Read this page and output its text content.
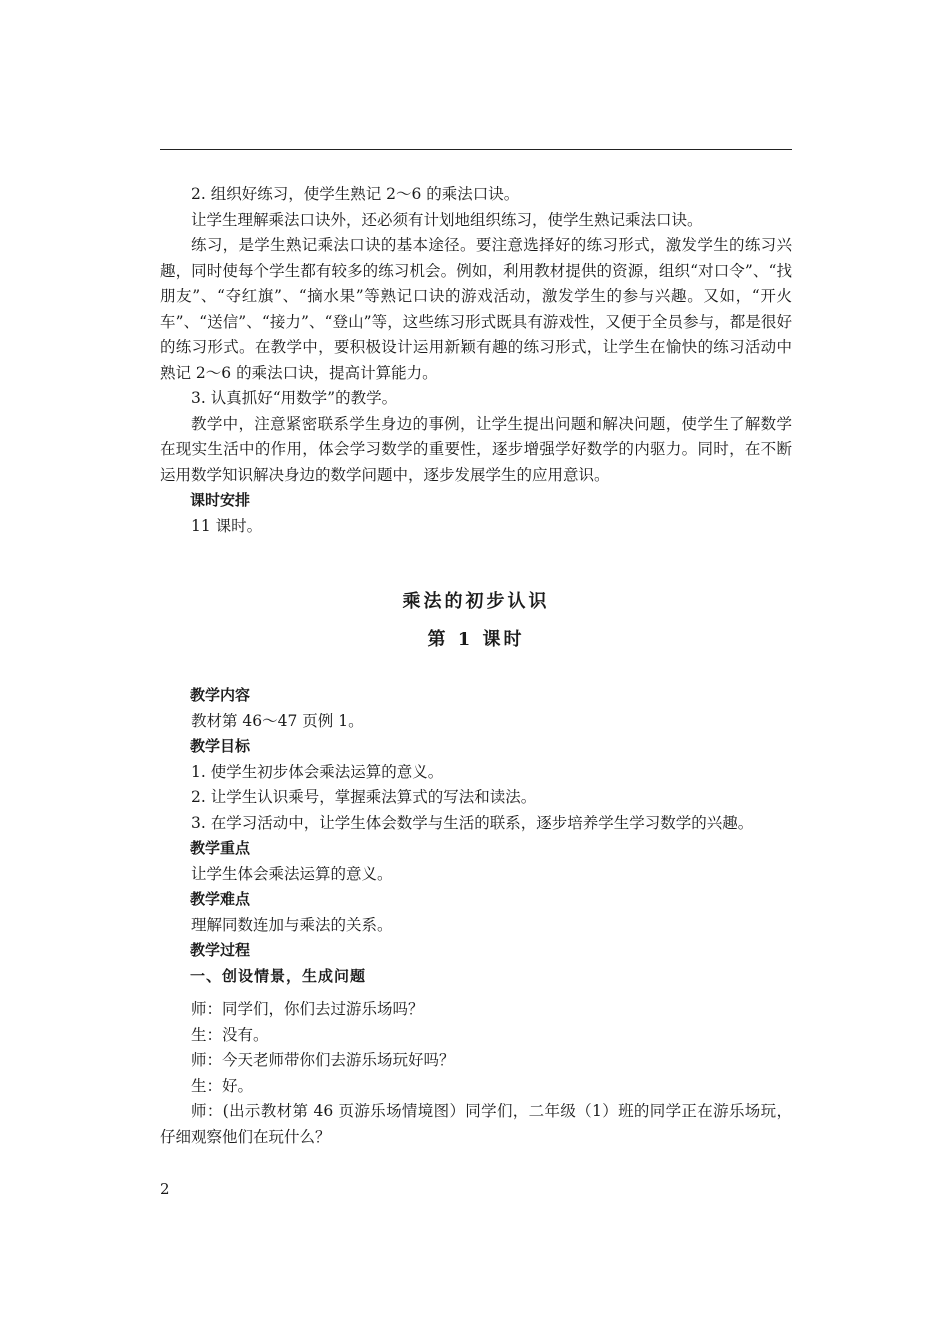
2. 组织好练习，使学生熟记 2～6 的乘法口诀。

让学生理解乘法口诀外，还必须有计划地组织练习，使学生熟记乘法口诀。

练习，是学生熟记乘法口诀的基本途径。要注意选择好的练习形式，激发学生的练习兴趣，同时使每个学生都有较多的练习机会。例如，利用教材提供的资源，组织“对口令”、“找朋友”、“夺红旗”、“摘水果”等熟记口诀的游戏活动，激发学生的参与兴趣。又如，“开火车”、“送信”、“接力”、“登山”等，这些练习形式既具有游戏性，又便于全员参与，都是很好的练习形式。在教学中，要积极设计运用新颖有趣的练习形式，让学生在愉快的练习活动中熟记 2～6 的乘法口诀，提高计算能力。

3. 认真抓好“用数学”的教学。

教学中，注意紧密联系学生身边的事例，让学生提出问题和解决问题，使学生了解数学在现实生活中的作用，体会学习数学的重要性，逐步增强学好数学的内驱力。同时，在不断运用数学知识解决身边的数学问题中，逐步发展学生的应用意识。

课时安排

11 课时。

乘法的初步认识

第 1 课时

教学内容

教材第 46～47 页例 1。

教学目标

1. 使学生初步体会乘法运算的意义。

2. 让学生认识乘号，掌握乘法算式的写法和读法。

3. 在学习活动中，让学生体会数学与生活的联系，逐步培养学生学习数学的兴趣。

教学重点

让学生体会乘法运算的意义。

教学难点

理解同数连加与乘法的关系。

教学过程

一、创设情景，生成问题

师：同学们，你们去过游乐场吗？

生：没有。

师：今天老师带你们去游乐场玩好吗？

生：好。

师：(出示教材第 46 页游乐场情境图）同学们，二年级（1）班的同学正在游乐场玩，仔细观察他们在玩什么？

2
